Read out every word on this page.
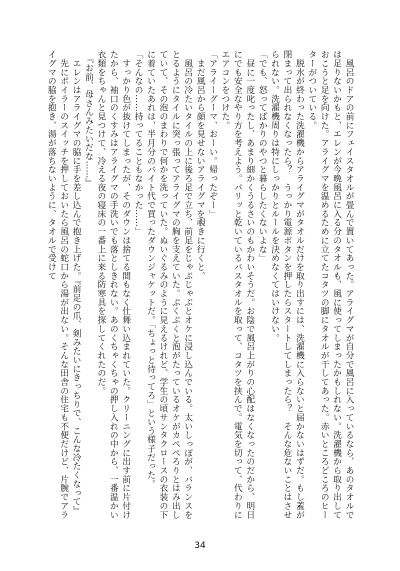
　風呂のドアの前にフェイスタオルが畳んで置いてあった。アライグマが自分で風呂に入っているなら、あのタオルでは足りないかもと、エレンが今晩風呂に入る分のタオルも、風に使ってしまったかもしれない。洗濯機から取り出しておこうと足を向けた。アライグマを温めるために立てたコタツの脚にタオルが干してあった。赤いところどころのヒーターがついている。

　脱水が終わった洗濯機からアライグマがタオルだけを取り出すには、洗濯機に入らないと届かないはずだ。もし蓋が閉まって出られなくなったら？　うっかり電源ボタンを押したらスタートしてしまったら？　そんな危ないことはさせられない。洗濯機周りは特にしっかりとルールを決めなくてはいけない。

「でも、怒ってばかりのやつと暮らしたくないよな」

　昼に一度叱ったし、あまり細かくうるさいのもかわいそうだ。お陰で風呂上がりの心配はなくなったのだから、明日にでも安全なやり方を考えよう。パリッと乾いているバスタオルを取って、コタツを挟んで。電気を切って、代わりにエアコンをつけた。

「アライーグーマ、おーい。帰ったぞー」

　まだ風呂から顔を見せないアライグマを覗きに行くと、

　風呂の冷たいタイルの上に後ろ足で立ち、前足をじゃぶじゃぶとオケに浸し込んでいる。太いしっぽが、バランスをとるようにタイルに突っ張ってアライグマの胸を支えていた。ぷくぷくと泡がたっているオケがカペペろりとはみ出していて、その泡のまわりで何かを洗っていた。ぬいぐるみのように見えるけれど、学生の頃サンタクロースの衣装の下に着ていたあれは、半月分のバイト代で買ったダウンジャケットだ。「ちょっと待ってろ」という様子だった。

「そんなの……持ってることもなかった……」

　すっかり色が抜けてしまったが、そのダウンは捨てる間もなく仕舞い込まれていた。クリーニングに出す前に片付けたから、袖口のくすみはアライグマの手洗いでも落としきれない。あのくちゃくちゃの押し入れの中から、一番温かい衣類をちゃんと見つけて、冷える夜の寝床の一番上に来る防寒具を探してくれたのだ。

　『お前、母さんみたいだな……』

　エレンはアライグマの脇に手を差し込んで抱き上げた。『前足の爪、剣みたいにきっちりで、こんな冷たくなって』

　先にボイラーのスイッチを押しておいたら風呂の蛇口から湯が出ない。そんな田舎の住宅も不便だけど、片腕でアライグマの脇を抱き、湯が落ちないように、タオルで受けて

34
